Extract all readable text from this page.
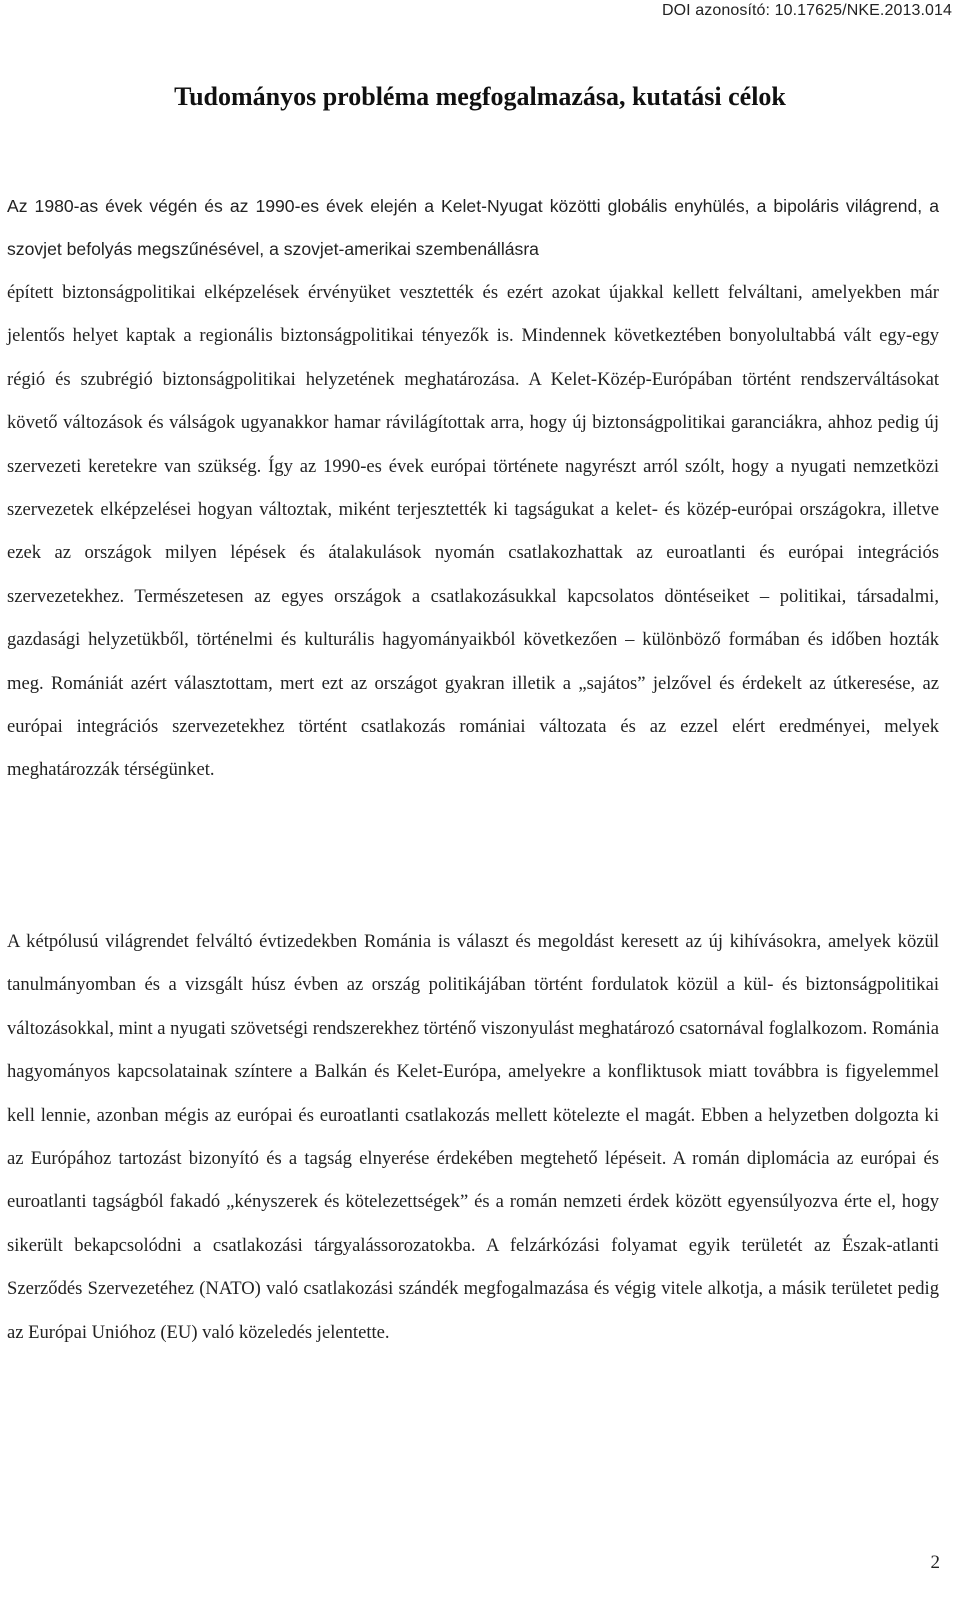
DOI azonosító: 10.17625/NKE.2013.014
Tudományos probléma megfogalmazása, kutatási célok

Az 1980-as évek végén és az 1990-es évek elején a Kelet-Nyugat közötti globális enyhülés, a bipoláris világrend, a szovjet befolyás megszűnésével, a szovjet-amerikai szembenállásra

épített biztonságpolitikai elképzelések érvényüket vesztették és ezért azokat újakkal kellett felváltani, amelyekben már jelentős helyet kaptak a regionális biztonságpolitikai tényezők is. Mindennek következtében bonyolultabbá vált egy-egy régió és szubrégió biztonságpolitikai helyzetének meghatározása. A Kelet-Közép-Európában történt rendszerváltásokat követő változások és válságok ugyanakkor hamar rávilágítottak arra, hogy új biztonságpolitikai garanciákra, ahhoz pedig új szervezeti keretekre van szükség. Így az 1990-es évek európai története nagyrészt arról szólt, hogy a nyugati nemzetközi szervezetek elképzelései hogyan változtak, miként terjesztették ki tagságukat a kelet- és közép-európai országokra, illetve ezek az országok milyen lépések és átalakulások nyomán csatlakozhattak az euroatlanti és európai integrációs szervezetekhez. Természetesen az egyes országok a csatlakozásukkal kapcsolatos döntéseiket – politikai, társadalmi, gazdasági helyzetükből, történelmi és kulturális hagyományaikból következően – különböző formában és időben hozták meg. Romániát azért választottam, mert ezt az országot gyakran illetik a „sajátos” jelzővel és érdekelt az útkeresése, az európai integrációs szervezetekhez történt csatlakozás romániai változata és az ezzel elért eredményei, melyek meghatározzák térségünket.

A kétpólusú világrendet felváltó évtizedekben Románia is választ és megoldást keresett az új kihívásokra, amelyek közül tanulmányomban és a vizsgált húsz évben az ország politikájában történt fordulatok közül a kül- és biztonságpolitikai változásokkal, mint a nyugati szövetségi rendszerekhez történő viszonyulást meghatározó csatornával foglalkozom. Románia hagyományos kapcsolatainak színtere a Balkán és Kelet-Európa, amelyekre a konfliktusok miatt továbbra is figyelemmel kell lennie, azonban mégis az európai és euroatlanti csatlakozás mellett kötelezte el magát. Ebben a helyzetben dolgozta ki az Európához tartozást bizonyító és a tagság elnyerése érdekében megtehető lépéseit. A román diplomácia az európai és euroatlanti tagságból fakadó „kényszerek és kötelezettségek” és a román nemzeti érdek között egyensúlyozva érte el, hogy sikerült bekapcsolódni a csatlakozási tárgyalássorozatokba. A felzárkózási folyamat egyik területét az Észak-atlanti Szerződés Szervezetéhez (NATO) való csatlakozási szándék megfogalmazása és végig vitele alkotja, a másik területet pedig az Európai Unióhoz (EU) való közeledés jelentette.

2
